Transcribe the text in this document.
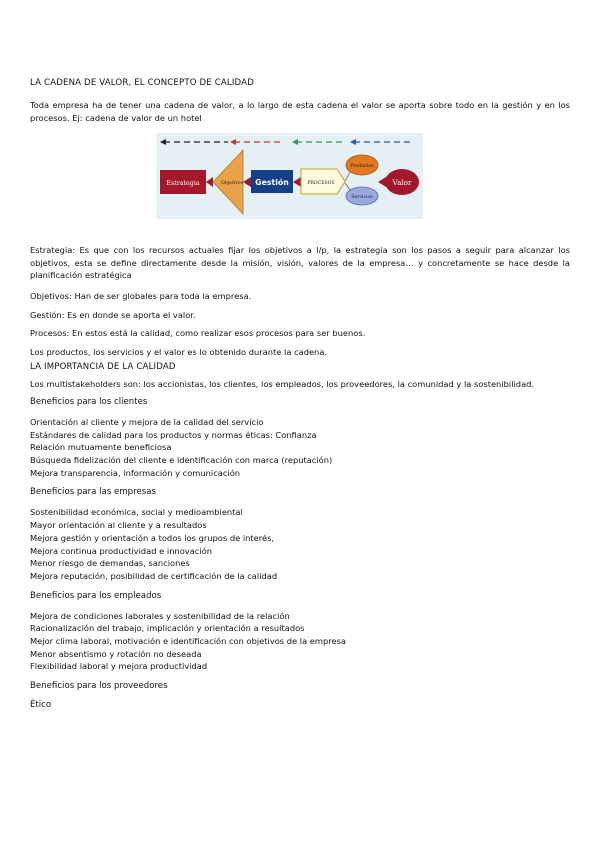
LA CADENA DE VALOR, EL CONCEPTO DE CALIDAD
Toda empresa ha de tener una cadena de valor, a lo largo de esta cadena el valor se aporta sobre todo en la gestión y en los procesos. Ej: cadena de valor de un hotel
Estrategia: Es que con los recursos actuales fijar los objetivos a l/p, la estrategia son los pasos a seguir para alcanzar los objetivos, esta se define directamente desde la misión, visión, valores de la empresa… y concretamente se hace desde la planificación estratégica
Objetivos: Han de ser globales para toda la empresa.
Gestión: Es en donde se aporta el valor.
Procesos: En estos está la calidad, como realizar esos procesos para ser buenos.
Los productos, los servicios y el valor es lo obtenido durante la cadena.
LA IMPORTANCIA DE LA CALIDAD
Los multistakeholders son: los accionistas, los clientes, los empleados, los proveedores, la comunidad y la sostenibilidad.
Beneficios para los clientes
Orientación al cliente y mejora de la calidad del servicio
Estándares de calidad para los productos y normas éticas: Confianza
Relación mutuamente beneficiosa
Búsqueda fidelización del cliente e identificación con marca (reputación)
Mejora transparencia, información y comunicación
Beneficios para las empresas
Sostenibilidad económica, social y medioambiental
Mayor orientación al cliente y a resultados
Mejora gestión y orientación a todos los grupos de interés,
Mejora continua productividad e innovación
Menor riesgo de demandas, sanciones
Mejora reputación, posibilidad de certificación de la calidad
Beneficios para los empleados
Mejora de condiciones laborales y sostenibilidad de la relación
Racionalización del trabajo, implicación y orientación a resultados
Mejor clima laboral, motivación e identificación con objetivos de la empresa
Menor absentismo y rotación no deseada
Flexibilidad laboral y mejora productividad
Beneficios para los proveedores
Ético
Estrategia	Objetivos Gestión	PROCESOS
Productos
Servicios
Valor
